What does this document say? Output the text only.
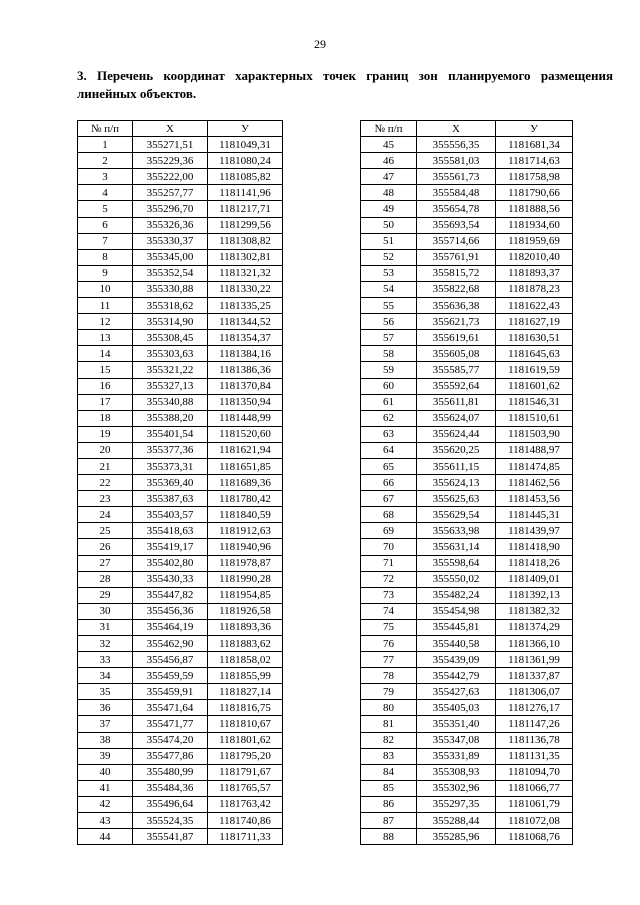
29
3. Перечень координат характерных точек границ зон планируемого размещения линейных объектов.
№ п/п	Х	У
1	355271,51	1181049,31
2	355229,36	1181080,24
3	355222,00	1181085,82
4	355257,77	1181141,96
5	355296,70	1181217,71
6	355326,36	1181299,56
7	355330,37	1181308,82
8	355345,00	1181302,81
9	355352,54	1181321,32
10	355330,88	1181330,22
11	355318,62	1181335,25
12	355314,90	1181344,52
13	355308,45	1181354,37
14	355303,63	1181384,16
15	355321,22	1181386,36
16	355327,13	1181370,84
17	355340,88	1181350,94
18	355388,20	1181448,99
19	355401,54	1181520,60
20	355377,36	1181621,94
21	355373,31	1181651,85
22	355369,40	1181689,36
23	355387,63	1181780,42
24	355403,57	1181840,59
25	355418,63	1181912,63
26	355419,17	1181940,96
27	355402,80	1181978,87
28	355430,33	1181990,28
29	355447,82	1181954,85
30	355456,36	1181926,58
31	355464,19	1181893,36
32	355462,90	1181883,62
33	355456,87	1181858,02
34	355459,59	1181855,99
35	355459,91	1181827,14
36	355471,64	1181816,75
37	355471,77	1181810,67
38	355474,20	1181801,62
39	355477,86	1181795,20
40	355480,99	1181791,67
41	355484,36	1181765,57
42	355496,64	1181763,42
43	355524,35	1181740,86
44	355541,87	1181711,33
№ п/п	Х	У
45	355556,35	1181681,34
46	355581,03	1181714,63
47	355561,73	1181758,98
48	355584,48	1181790,66
49	355654,78	1181888,56
50	355693,54	1181934,60
51	355714,66	1181959,69
52	355761,91	1182010,40
53	355815,72	1181893,37
54	355822,68	1181878,23
55	355636,38	1181622,43
56	355621,73	1181627,19
57	355619,61	1181630,51
58	355605,08	1181645,63
59	355585,77	1181619,59
60	355592,64	1181601,62
61	355611,81	1181546,31
62	355624,07	1181510,61
63	355624,44	1181503,90
64	355620,25	1181488,97
65	355611,15	1181474,85
66	355624,13	1181462,56
67	355625,63	1181453,56
68	355629,54	1181445,31
69	355633,98	1181439,97
70	355631,14	1181418,90
71	355598,64	1181418,26
72	355550,02	1181409,01
73	355482,24	1181392,13
74	355454,98	1181382,32
75	355445,81	1181374,29
76	355440,58	1181366,10
77	355439,09	1181361,99
78	355442,79	1181337,87
79	355427,63	1181306,07
80	355405,03	1181276,17
81	355351,40	1181147,26
82	355347,08	1181136,78
83	355331,89	1181131,35
84	355308,93	1181094,70
85	355302,96	1181066,77
86	355297,35	1181061,79
87	355288,44	1181072,08
88	355285,96	1181068,76
